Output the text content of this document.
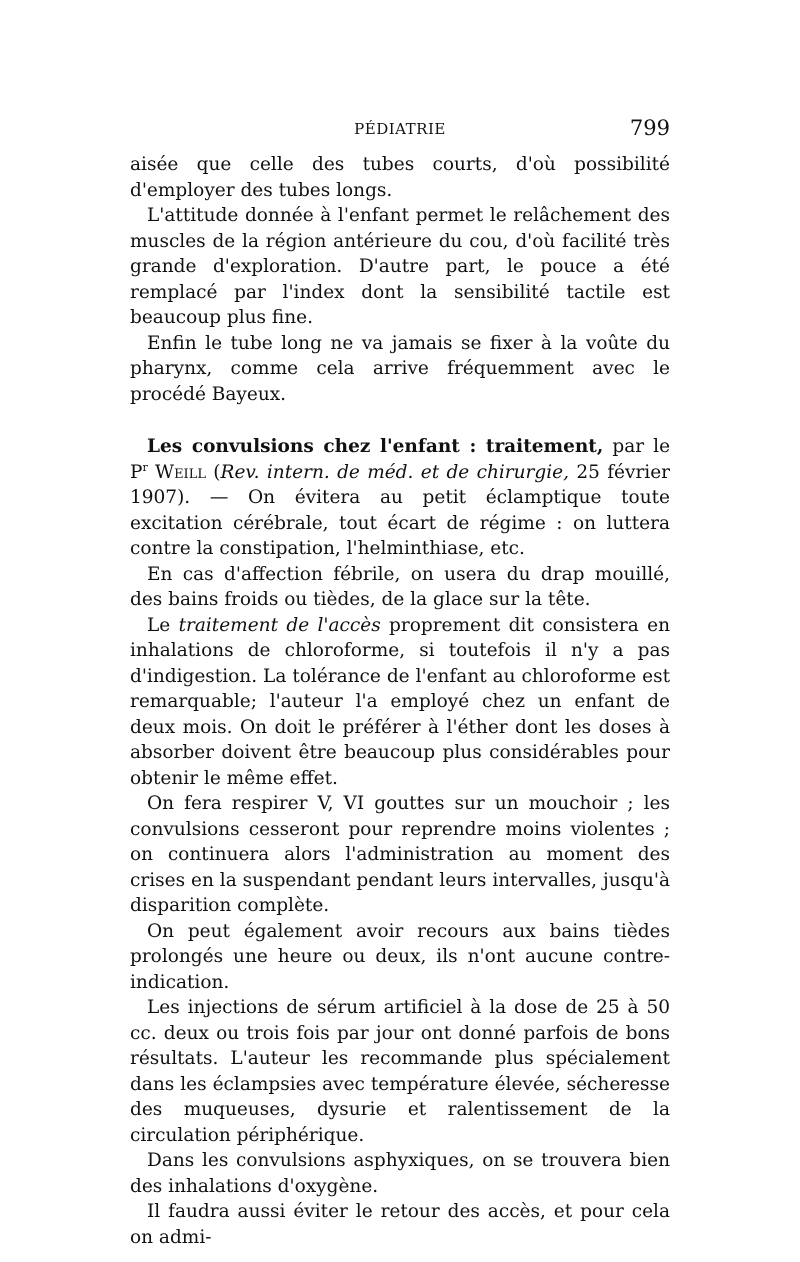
PÉDIATRIE	799

aisée que celle des tubes courts, d'où possibilité d'employer des tubes longs.

L'attitude donnée à l'enfant permet le relâchement des muscles de la région antérieure du cou, d'où facilité très grande d'exploration. D'autre part, le pouce a été remplacé par l'index dont la sensibilité tactile est beaucoup plus fine.

Enfin le tube long ne va jamais se fixer à la voûte du pharynx, comme cela arrive fréquemment avec le procédé Bayeux.

Les convulsions chez l'enfant : traitement, par le $P^r$ Weill (Rev. intern. de méd. et de chirurgie, 25 février 1907). — On évitera au petit éclamptique toute excitation cérébrale, tout écart de régime : on luttera contre la constipation, l'helminthiase, etc.

En cas d'affection fébrile, on usera du drap mouillé, des bains froids ou tièdes, de la glace sur la tête.

Le traitement de l'accès proprement dit consistera en inhalations de chloroforme, si toutefois il n'y a pas d'indigestion. La tolérance de l'enfant au chloroforme est remarquable; l'auteur l'a employé chez un enfant de deux mois. On doit le préférer à l'éther dont les doses à absorber doivent être beaucoup plus considérables pour obtenir le même effet.

On fera respirer V, VI gouttes sur un mouchoir ; les convulsions cesseront pour reprendre moins violentes ; on continuera alors l'administration au moment des crises en la suspendant pendant leurs intervalles, jusqu'à disparition complète.

On peut également avoir recours aux bains tièdes prolongés une heure ou deux, ils n'ont aucune contre-indication.

Les injections de sérum artificiel à la dose de 25 à 50 cc. deux ou trois fois par jour ont donné parfois de bons résultats. L'auteur les recommande plus spécialement dans les éclampsies avec température élevée, sécheresse des muqueuses, dysurie et ralentissement de la circulation périphérique.

Dans les convulsions asphyxiques, on se trouvera bien des inhalations d'oxygène.

Il faudra aussi éviter le retour des accès, et pour cela on admi-
